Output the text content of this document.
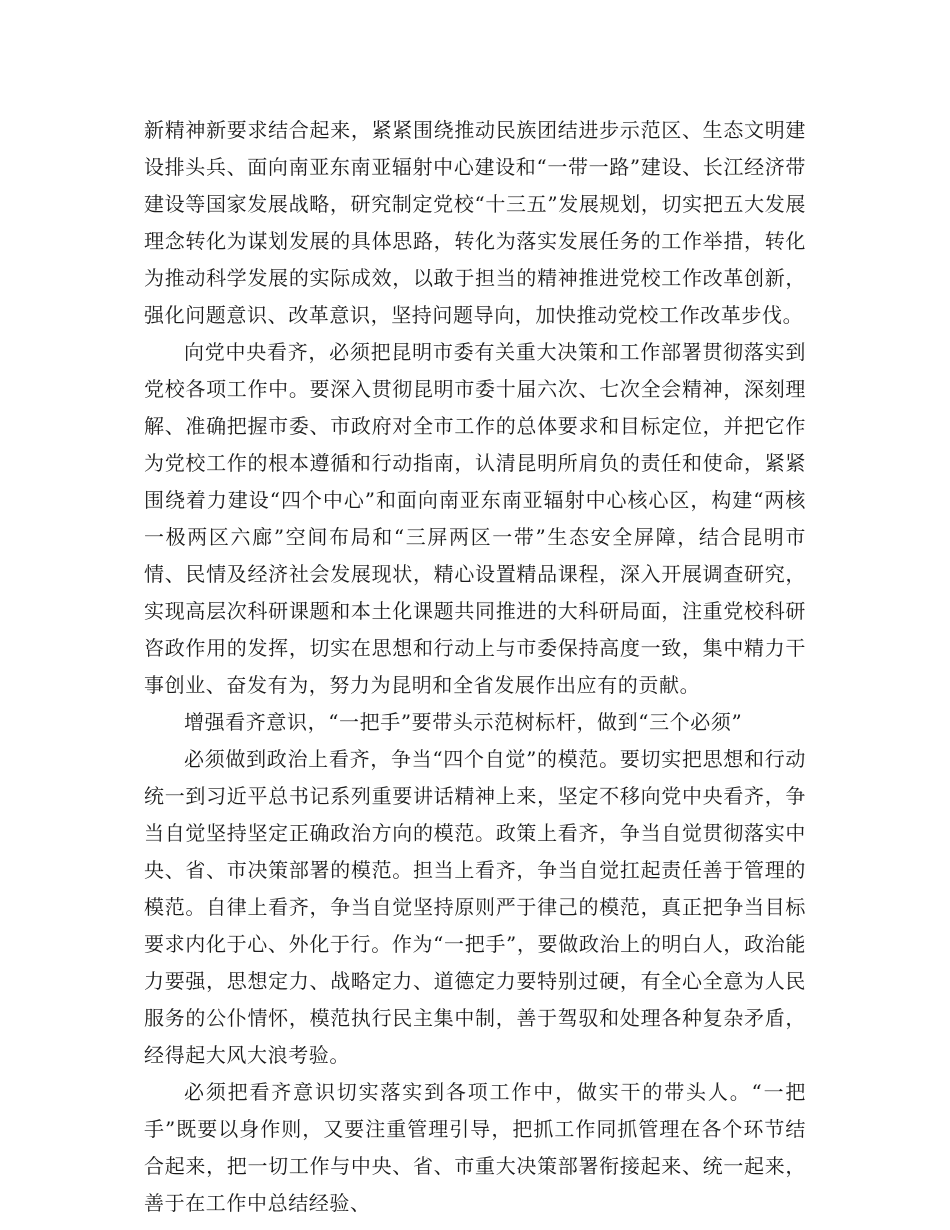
新精神新要求结合起来，紧紧围绕推动民族团结进步示范区、生态文明建设排头兵、面向南亚东南亚辐射中心建设和“一带一路”建设、长江经济带建设等国家发展战略，研究制定党校“十三五”发展规划，切实把五大发展理念转化为谋划发展的具体思路，转化为落实发展任务的工作举措，转化为推动科学发展的实际成效，以敢于担当的精神推进党校工作改革创新，强化问题意识、改革意识，坚持问题导向，加快推动党校工作改革步伐。

向党中央看齐，必须把昆明市委有关重大决策和工作部署贯彻落实到党校各项工作中。要深入贯彻昆明市委十届六次、七次全会精神，深刻理解、准确把握市委、市政府对全市工作的总体要求和目标定位，并把它作为党校工作的根本遵循和行动指南，认清昆明所肩负的责任和使命，紧紧围绕着力建设“四个中心”和面向南亚东南亚辐射中心核心区，构建“两核一极两区六廊”空间布局和“三屏两区一带”生态安全屏障，结合昆明市情、民情及经济社会发展现状，精心设置精品课程，深入开展调查研究，实现高层次科研课题和本土化课题共同推进的大科研局面，注重党校科研咨政作用的发挥，切实在思想和行动上与市委保持高度一致，集中精力干事创业、奋发有为，努力为昆明和全省发展作出应有的贡献。

增强看齐意识，“一把手”要带头示范树标杆，做到“三个必须”

必须做到政治上看齐，争当“四个自觉”的模范。要切实把思想和行动统一到习近平总书记系列重要讲话精神上来，坚定不移向党中央看齐，争当自觉坚持坚定正确政治方向的模范。政策上看齐，争当自觉贯彻落实中央、省、市决策部署的模范。担当上看齐，争当自觉扛起责任善于管理的模范。自律上看齐，争当自觉坚持原则严于律己的模范，真正把争当目标要求内化于心、外化于行。作为“一把手”，要做政治上的明白人，政治能力要强，思想定力、战略定力、道德定力要特别过硬，有全心全意为人民服务的公仆情怀，模范执行民主集中制，善于驾驭和处理各种复杂矛盾，经得起大风大浪考验。

必须把看齐意识切实落实到各项工作中，做实干的带头人。“一把手”既要以身作则，又要注重管理引导，把抓工作同抓管理在各个环节结合起来，把一切工作与中央、省、市重大决策部署衔接起来、统一起来，善于在工作中总结经验、
